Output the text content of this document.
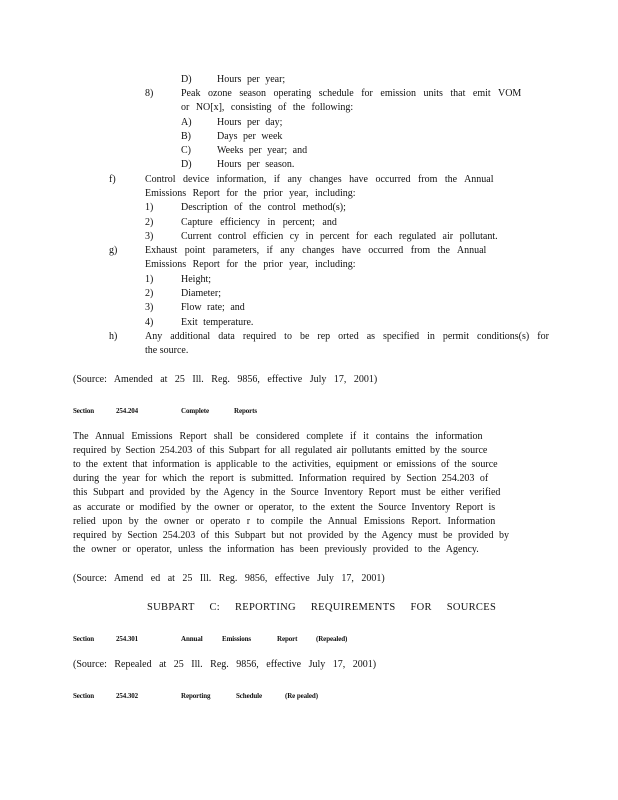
D)	Hours per year;
8)	Peak ozone season operating schedule for emission units that emit VOM
or NO[x], consisting of the following:
A)	Hours per day;
B)	Days per week
C)	Weeks per year; and
D)	Hours per season.
f)	Control device information, if any changes have occurred from the Annual
Emissions Report for the prior year, including:
1)	Description of the control method(s);
2)	Capture efficiency in percent; and
3)	Current control efficien cy in percent for each regulated air pollutant.
g)	Exhaust point parameters, if any changes have occurred from the Annual
Emissions Report for the prior year, including:
1)	Height;
2)	Diameter;
3)	Flow rate; and
4)	Exit temperature.
h)	Any additional data required to be rep orted as specified in permit conditions(s) for
the source.
(Source: Amended at 25 Ill. Reg. 9856, effective July 17, 2001)
Section	254.204	Complete	Reports
The Annual Emissions Report shall be considered complete if it contains the information
required by Section 254.203 of this Subpart for all regulated air pollutants emitted by the source
to the extent that information is applicable to the activities, equipment or emissions of the source
during the year for which the report is submitted. Information required by Section 254.203 of
this Subpart and provided by the Agency in the Source Inventory Report must be either verified
as accurate or modified by the owner or operator, to the extent the Source Inventory Report is
relied upon by the owner or operato r to compile the Annual Emissions Report. Information
required by Section 254.203 of this Subpart but not provided by the Agency must be provided by
the owner or operator, unless the information has been previously provided to the Agency.
(Source: Amend ed at 25 Ill. Reg. 9856, effective July 17, 2001)
SUBPART C: REPORTING REQUIREMENTS FOR SOURCES
Section	254.301	Annual	Emissions	Report	(Repealed)
(Source: Repealed at 25 Ill. Reg. 9856, effective July 17, 2001)
Section	254.302	Reporting	Schedule	(Re pealed)
